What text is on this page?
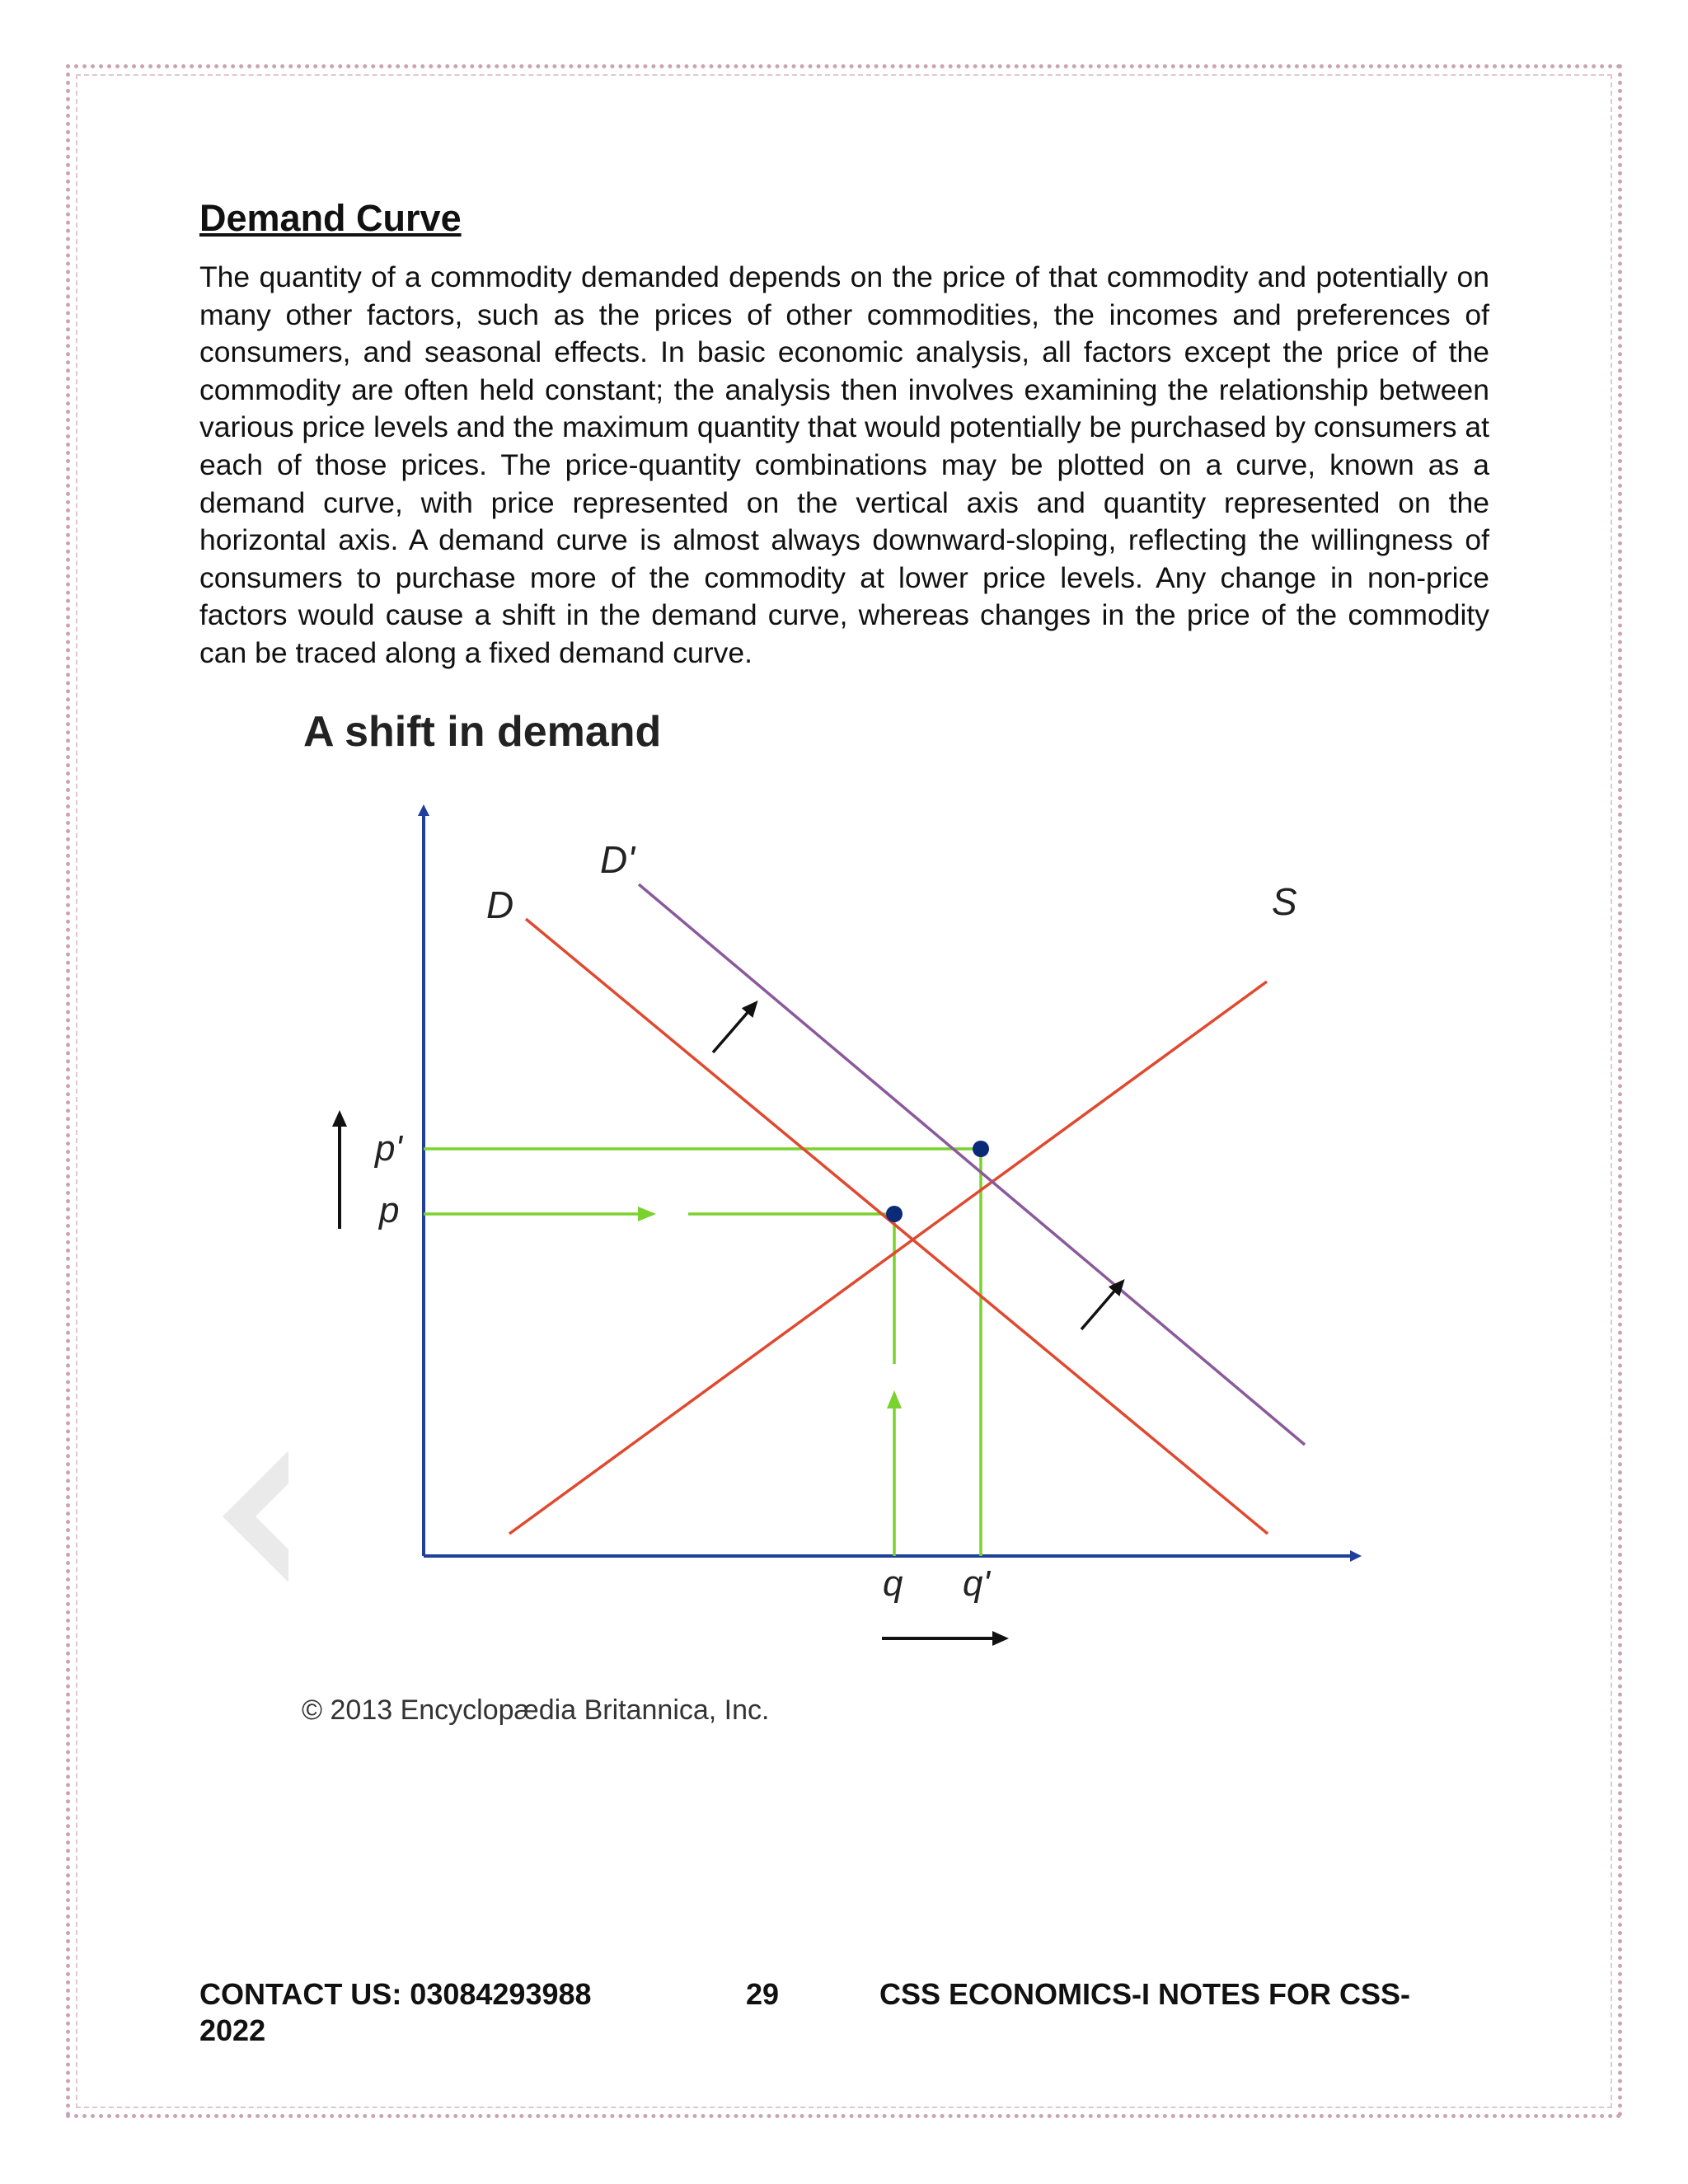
Demand Curve

The quantity of a commodity demanded depends on the price of that commodity and potentially on many other factors, such as the prices of other commodities, the incomes and preferences of consumers, and seasonal effects. In basic economic analysis, all factors except the price of the commodity are often held constant; the analysis then involves examining the relationship between various price levels and the maximum quantity that would potentially be purchased by consumers at each of those prices. The price-quantity combinations may be plotted on a curve, known as a demand curve, with price represented on the vertical axis and quantity represented on the horizontal axis. A demand curve is almost always downward-sloping, reflecting the willingness of consumers to purchase more of the commodity at lower price levels. Any change in non-price factors would cause a shift in the demand curve, whereas changes in the price of the commodity can be traced along a fixed demand curve.

A shift in demand
D
D'
S
p'
p
q q'
© 2013 Encyclopædia Britannica, Inc.
CONTACT US: 03084293988	29	CSS ECONOMICS-I NOTES FOR CSS-
2022
